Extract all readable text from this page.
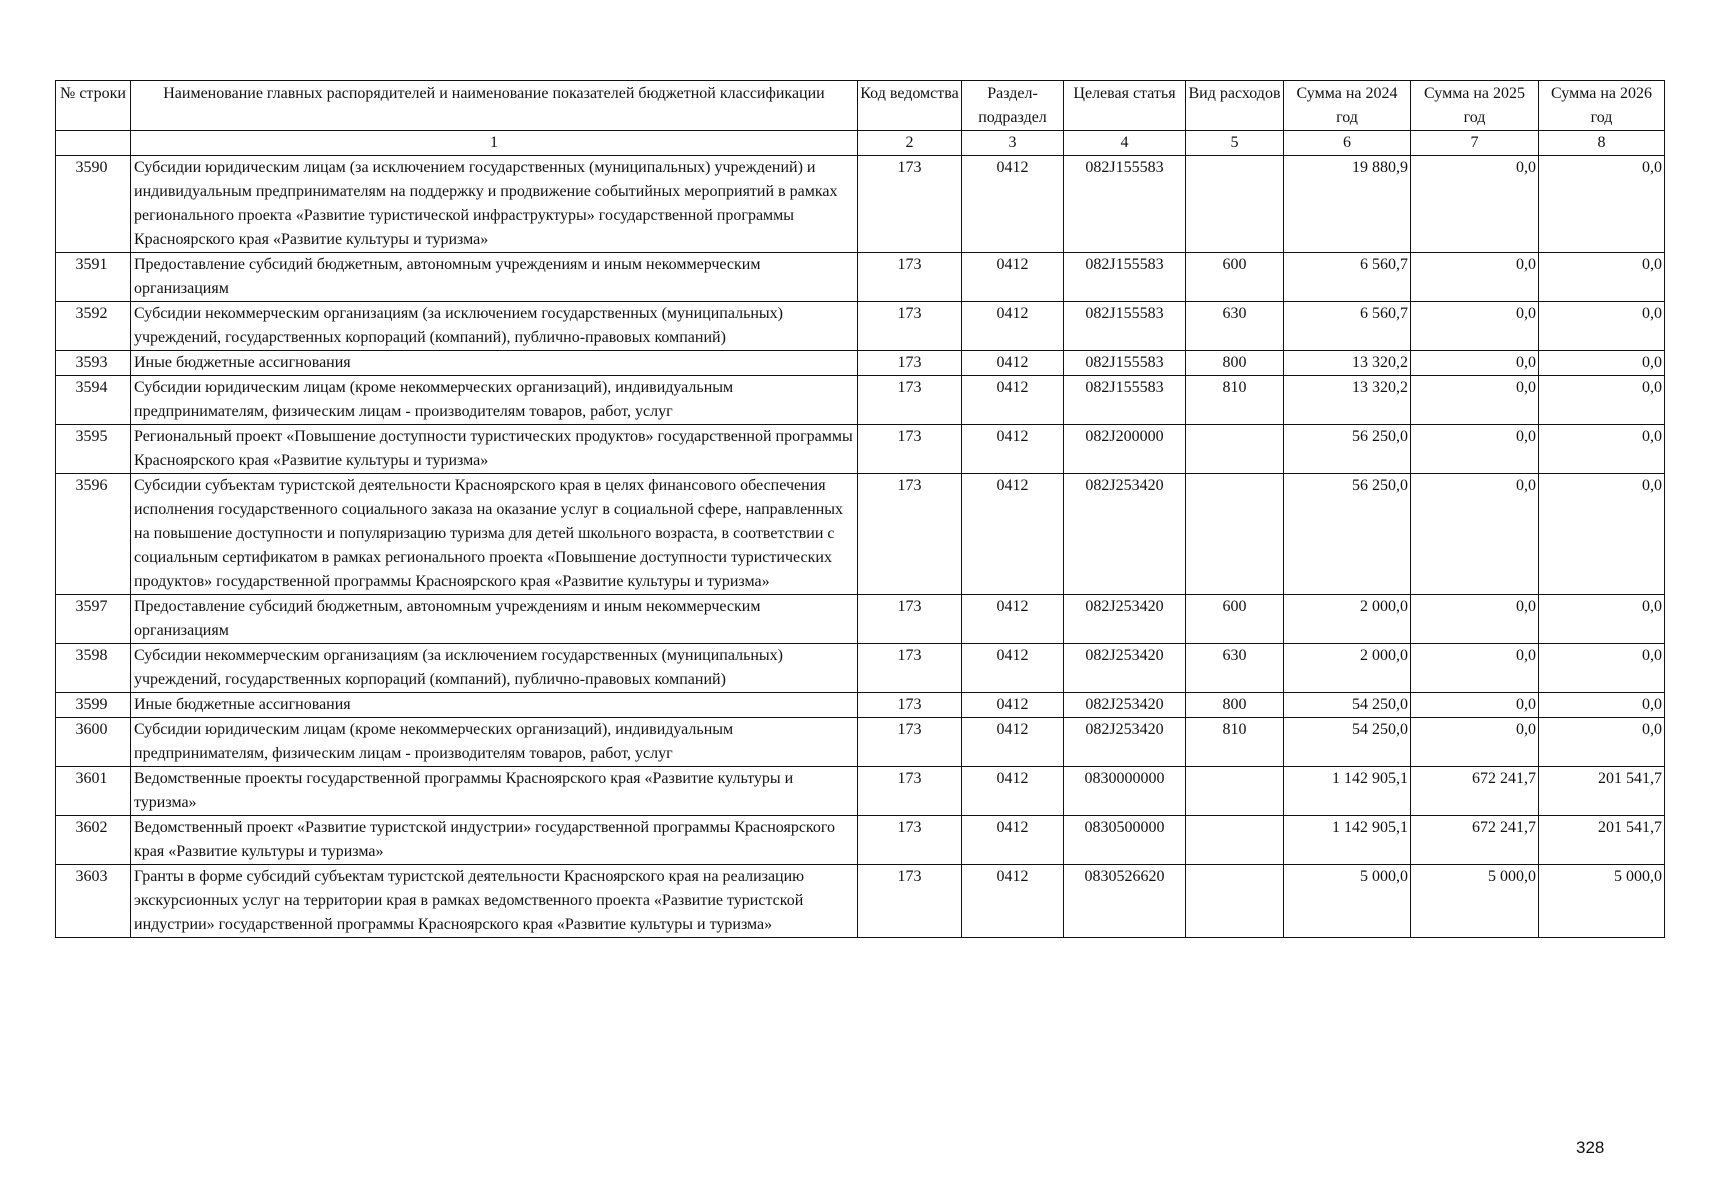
№ строки	Наименование главных распорядителей и наименование показателей бюджетной классификации	Код ведомства	Раздел-подраздел	Целевая статья	Вид расходов	Сумма на 2024 год	Сумма на 2025 год	Сумма на 2026 год
	1	2	3	4	5	6	7	8
3590	Субсидии юридическим лицам (за исключением государственных (муниципальных) учреждений) и индивидуальным предпринимателям на поддержку и продвижение событийных мероприятий в рамках регионального проекта «Развитие туристической инфраструктуры» государственной программы Красноярского края «Развитие культуры и туризма»	173	0412	082J155583		19 880,9	0,0	0,0
3591	Предоставление субсидий бюджетным, автономным учреждениям и иным некоммерческим организациям	173	0412	082J155583	600	6 560,7	0,0	0,0
3592	Субсидии некоммерческим организациям (за исключением государственных (муниципальных) учреждений, государственных корпораций (компаний), публично-правовых компаний)	173	0412	082J155583	630	6 560,7	0,0	0,0
3593	Иные бюджетные ассигнования	173	0412	082J155583	800	13 320,2	0,0	0,0
3594	Субсидии юридическим лицам (кроме некоммерческих организаций), индивидуальным предпринимателям, физическим лицам - производителям товаров, работ, услуг	173	0412	082J155583	810	13 320,2	0,0	0,0
3595	Региональный проект «Повышение доступности туристических продуктов» государственной программы Красноярского края «Развитие культуры и туризма»	173	0412	082J200000		56 250,0	0,0	0,0
3596	Субсидии субъектам туристской деятельности Красноярского края в целях финансового обеспечения исполнения государственного социального заказа на оказание услуг в социальной сфере, направленных на повышение доступности и популяризацию туризма для детей школьного возраста, в соответствии с социальным сертификатом в рамках регионального проекта «Повышение доступности туристических продуктов» государственной программы Красноярского края «Развитие культуры и туризма»	173	0412	082J253420		56 250,0	0,0	0,0
3597	Предоставление субсидий бюджетным, автономным учреждениям и иным некоммерческим организациям	173	0412	082J253420	600	2 000,0	0,0	0,0
3598	Субсидии некоммерческим организациям (за исключением государственных (муниципальных) учреждений, государственных корпораций (компаний), публично-правовых компаний)	173	0412	082J253420	630	2 000,0	0,0	0,0
3599	Иные бюджетные ассигнования	173	0412	082J253420	800	54 250,0	0,0	0,0
3600	Субсидии юридическим лицам (кроме некоммерческих организаций), индивидуальным предпринимателям, физическим лицам - производителям товаров, работ, услуг	173	0412	082J253420	810	54 250,0	0,0	0,0
3601	Ведомственные проекты государственной программы Красноярского края «Развитие культуры и туризма»	173	0412	0830000000		1 142 905,1	672 241,7	201 541,7
3602	Ведомственный проект «Развитие туристской индустрии» государственной программы Красноярского края «Развитие культуры и туризма»	173	0412	0830500000		1 142 905,1	672 241,7	201 541,7
3603	Гранты в форме субсидий субъектам туристской деятельности Красноярского края на реализацию экскурсионных услуг на территории края в рамках ведомственного проекта «Развитие туристской индустрии» государственной программы Красноярского края «Развитие культуры и туризма»	173	0412	0830526620		5 000,0	5 000,0	5 000,0
328
